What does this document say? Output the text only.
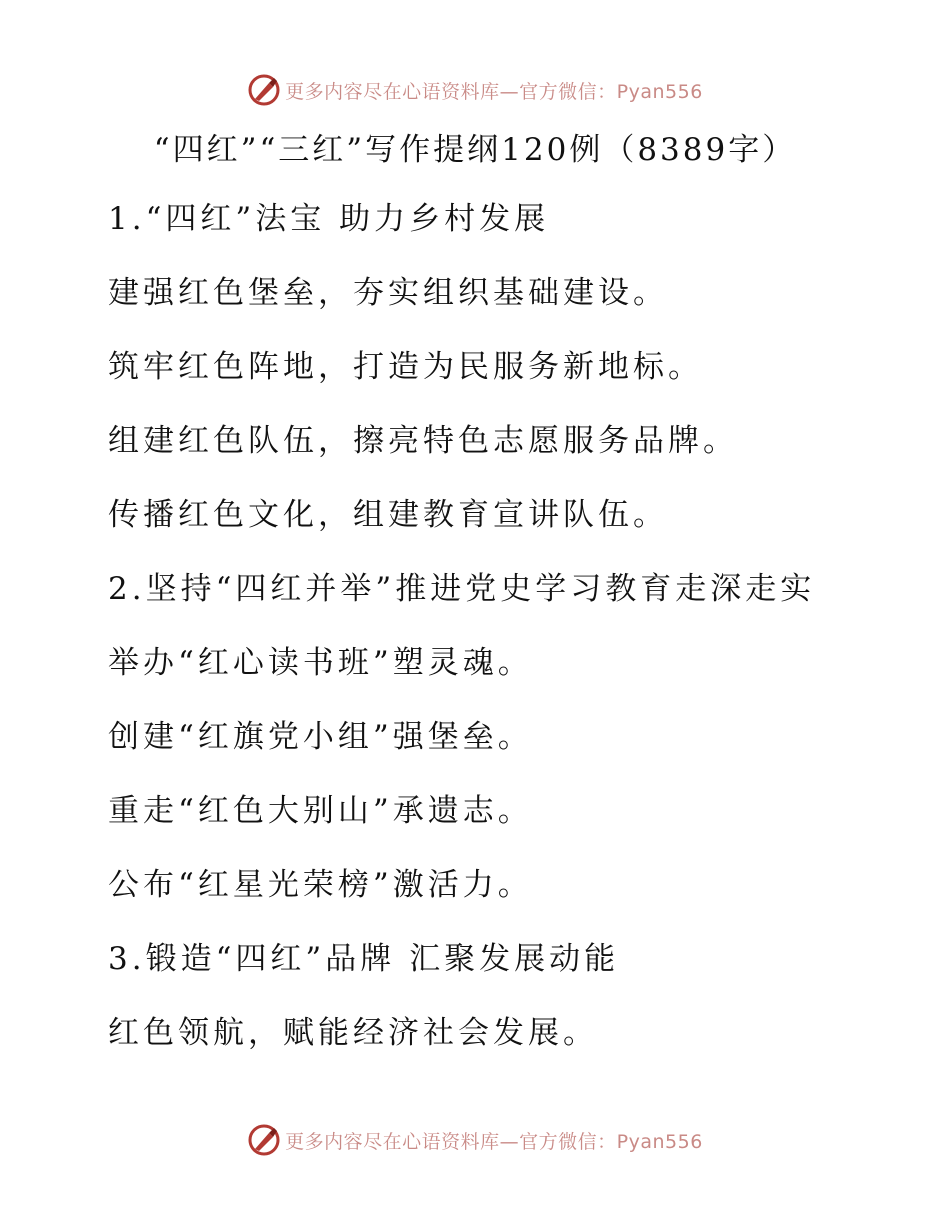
更多内容尽在心语资料库—官方微信：Pyan556
“四红”“三红”写作提纲120例（8389字）
1.“四红”法宝 助力乡村发展
建强红色堡垒，夯实组织基础建设。
筑牢红色阵地，打造为民服务新地标。
组建红色队伍，擦亮特色志愿服务品牌。
传播红色文化，组建教育宣讲队伍。
2.坚持“四红并举”推进党史学习教育走深走实
举办“红心读书班”塑灵魂。
创建“红旗党小组”强堡垒。
重走“红色大别山”承遗志。
公布“红星光荣榜”激活力。
3.锻造“四红”品牌 汇聚发展动能
红色领航，赋能经济社会发展。
更多内容尽在心语资料库—官方微信：Pyan556
